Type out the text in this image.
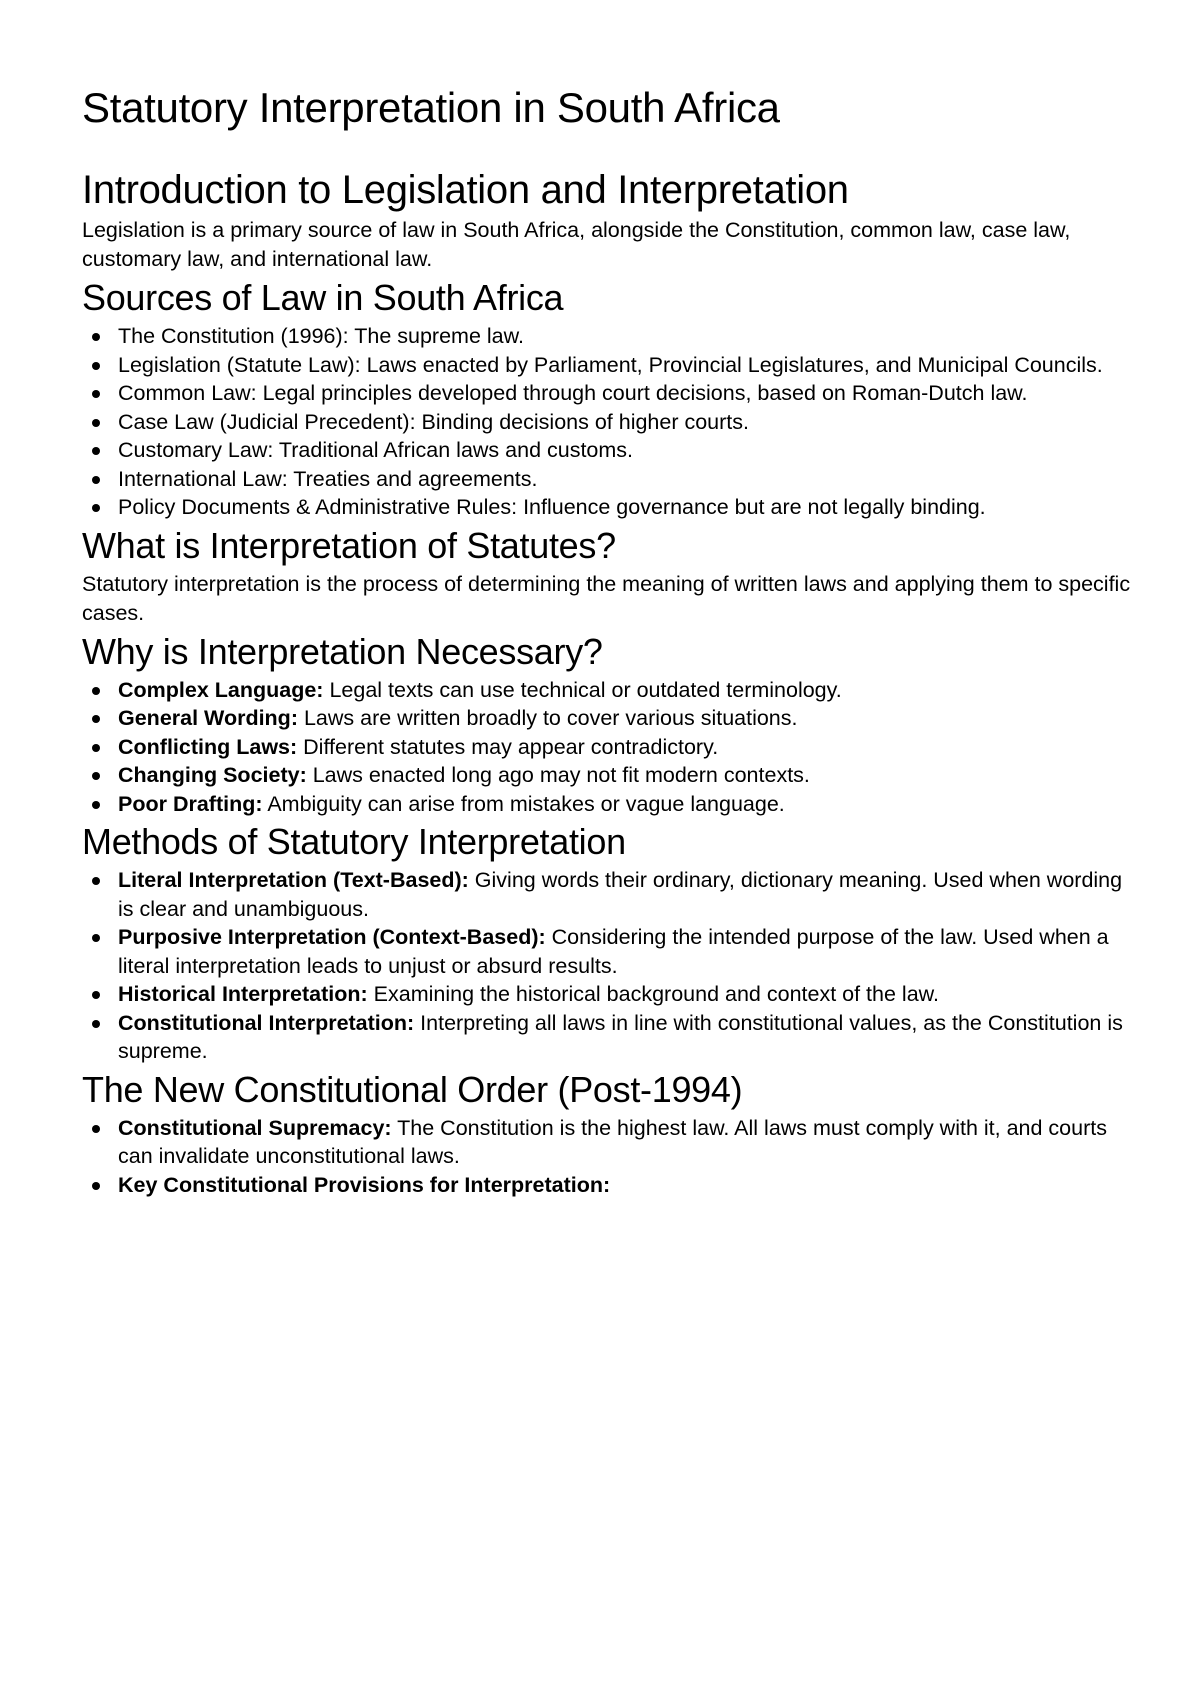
Statutory Interpretation in South Africa
Introduction to Legislation and Interpretation

Legislation is a primary source of law in South Africa, alongside the Constitution, common law, case law, customary law, and international law.

Sources of Law in South Africa
The Constitution (1996): The supreme law.
Legislation (Statute Law): Laws enacted by Parliament, Provincial Legislatures, and Municipal Councils.
Common Law: Legal principles developed through court decisions, based on Roman-Dutch law.
Case Law (Judicial Precedent): Binding decisions of higher courts.
Customary Law: Traditional African laws and customs.
International Law: Treaties and agreements.
Policy Documents & Administrative Rules: Influence governance but are not legally binding.
What is Interpretation of Statutes?

Statutory interpretation is the process of determining the meaning of written laws and applying them to specific cases.

Why is Interpretation Necessary?
Complex Language: Legal texts can use technical or outdated terminology.
General Wording: Laws are written broadly to cover various situations.
Conflicting Laws: Different statutes may appear contradictory.
Changing Society: Laws enacted long ago may not fit modern contexts.
Poor Drafting: Ambiguity can arise from mistakes or vague language.
Methods of Statutory Interpretation
Literal Interpretation (Text-Based): Giving words their ordinary, dictionary meaning. Used when wording is clear and unambiguous.
Purposive Interpretation (Context-Based): Considering the intended purpose of the law. Used when a literal interpretation leads to unjust or absurd results.
Historical Interpretation: Examining the historical background and context of the law.
Constitutional Interpretation: Interpreting all laws in line with constitutional values, as the Constitution is supreme.
The New Constitutional Order (Post-1994)
Constitutional Supremacy: The Constitution is the highest law. All laws must comply with it, and courts can invalidate unconstitutional laws.
Key Constitutional Provisions for Interpretation:
